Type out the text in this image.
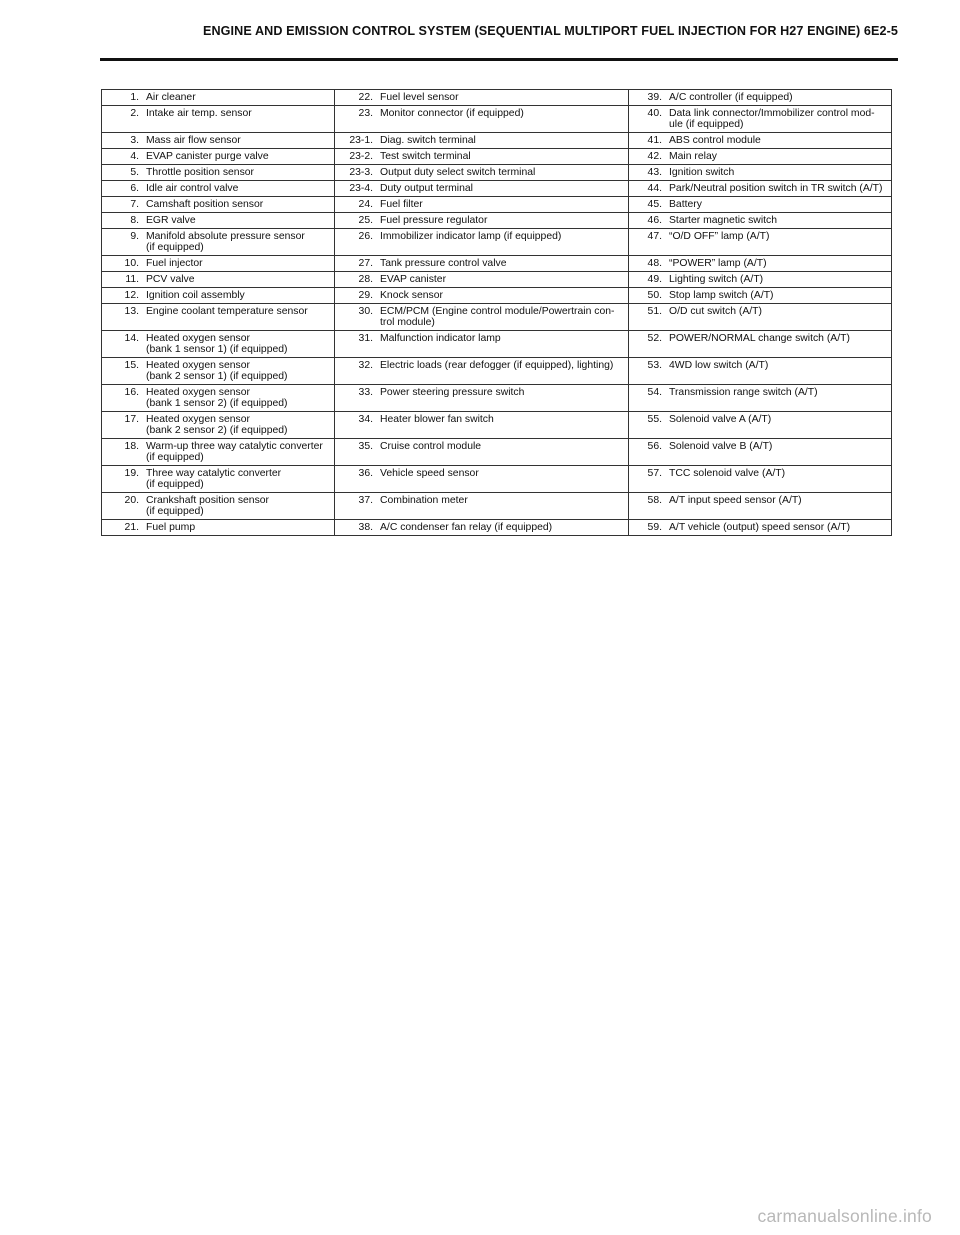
ENGINE AND EMISSION CONTROL SYSTEM (SEQUENTIAL MULTIPORT FUEL INJECTION FOR H27 ENGINE) 6E2-5
1. Air cleaner	22. Fuel level sensor	39. A/C controller (if equipped)

2. Intake air temp. sensor	23. Monitor connector (if equipped)	40. Data link connector/Immobilizer control mod-
ule (if equipped)

3. Mass air flow sensor	23-1. Diag. switch terminal	41. ABS control module

4. EVAP canister purge valve	23-2. Test switch terminal	42. Main relay

5. Throttle position sensor	23-3. Output duty select switch terminal	43. Ignition switch

6. Idle air control valve	23-4. Duty output terminal	44. Park/Neutral position switch in TR switch (A/T)

7. Camshaft position sensor	24. Fuel filter	45. Battery

8. EGR valve	25. Fuel pressure regulator	46. Starter magnetic switch

9. Manifold absolute pressure sensor
(if equipped)	26. Immobilizer indicator lamp (if equipped)	47. “O/D OFF” lamp (A/T)

10. Fuel injector	27. Tank pressure control valve	48. “POWER” lamp (A/T)

11. PCV valve	28. EVAP canister	49. Lighting switch (A/T)

12. Ignition coil assembly	29. Knock sensor	50. Stop lamp switch (A/T)

13. Engine coolant temperature sensor	30. ECM/PCM (Engine control module/Powertrain con-
trol module)	51. O/D cut switch (A/T)

14. Heated oxygen sensor
(bank 1 sensor 1) (if equipped)	31. Malfunction indicator lamp	52. POWER/NORMAL change switch (A/T)

15. Heated oxygen sensor
(bank 2 sensor 1) (if equipped)	32. Electric loads (rear defogger (if equipped), lighting)	53. 4WD low switch (A/T)

16. Heated oxygen sensor
(bank 1 sensor 2) (if equipped)	33. Power steering pressure switch	54. Transmission range switch (A/T)

17. Heated oxygen sensor
(bank 2 sensor 2) (if equipped)	34. Heater blower fan switch	55. Solenoid valve A (A/T)

18. Warm-up three way catalytic converter
(if equipped)	35. Cruise control module	56. Solenoid valve B (A/T)

19. Three way catalytic converter
(if equipped)	36. Vehicle speed sensor	57. TCC solenoid valve (A/T)

20. Crankshaft position sensor
(if equipped)	37. Combination meter	58. A/T input speed sensor (A/T)

21. Fuel pump	38. A/C condenser fan relay (if equipped)	59. A/T vehicle (output) speed sensor (A/T)
carmanualsonline.info
